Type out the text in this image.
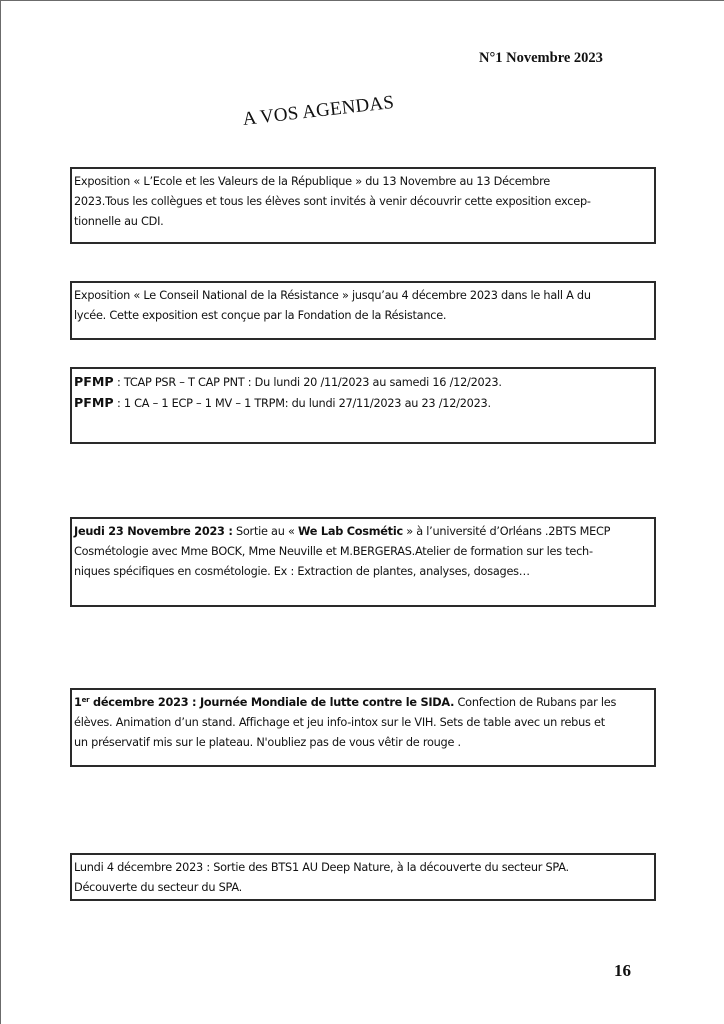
N°1 Novembre 2023
A VOS AGENDAS
Exposition « L’Ecole et les Valeurs de la République » du 13 Novembre au 13 Décembre
2023.Tous les collègues et tous les élèves sont invités à venir découvrir cette exposition excep-
tionnelle au CDI.
Exposition « Le Conseil National de la Résistance » jusqu’au 4 décembre 2023 dans le hall A du
lycée. Cette exposition est conçue par la Fondation de la Résistance.
PFMP : TCAP PSR – T CAP PNT : Du lundi 20 /11/2023 au samedi 16 /12/2023.
PFMP : 1 CA – 1 ECP – 1 MV – 1 TRPM: du lundi 27/11/2023 au 23 /12/2023.
Jeudi 23 Novembre 2023 : Sortie au « We Lab Cosmétic » à l’université d’Orléans .2BTS MECP
Cosmétologie avec Mme BOCK, Mme Neuville et M.BERGERAS.Atelier de formation sur les tech-
niques spécifiques en cosmétologie. Ex : Extraction de plantes, analyses, dosages…
1er décembre 2023 : Journée Mondiale de lutte contre le SIDA. Confection de Rubans par les
élèves. Animation d’un stand. Affichage et jeu info-intox sur le VIH. Sets de table avec un rebus et
un préservatif mis sur le plateau. N'oubliez pas de vous vêtir de rouge .
Lundi 4 décembre 2023 : Sortie des BTS1 AU Deep Nature, à la découverte du secteur SPA.
Découverte du secteur du SPA.
16
